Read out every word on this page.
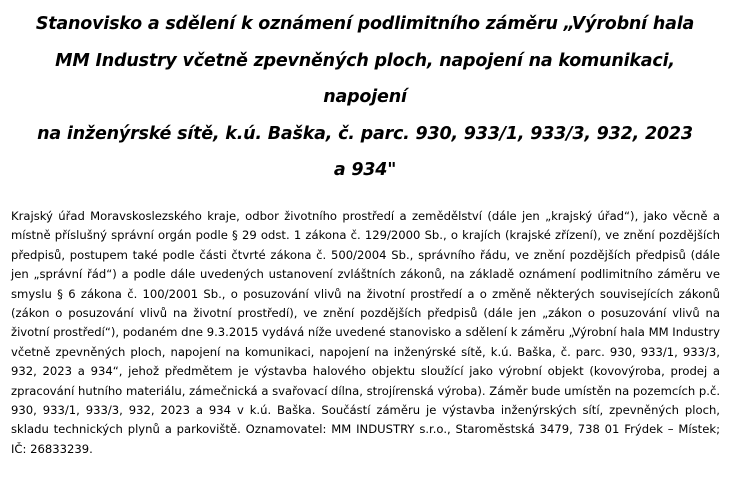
Stanovisko a sdělení k oznámení podlimitního záměru „Výrobní hala
MM Industry včetně zpevněných ploch, napojení na komunikaci,
napojení
na inženýrské sítě, k.ú. Baška, č. parc. 930, 933/1, 933/3, 932, 2023
a 934"

Krajský úřad Moravskoslezského kraje, odbor životního prostředí a zemědělství (dále jen „krajský úřad“), jako věcně a místně příslušný správní orgán podle § 29 odst. 1 zákona č. 129/2000 Sb., o krajích (krajské zřízení), ve znění pozdějších předpisů, postupem také podle části čtvrté zákona č. 500/2004 Sb., správního řádu, ve znění pozdějších předpisů (dále jen „správní řád“) a podle dále uvedených ustanovení zvláštních zákonů, na základě oznámení podlimitního záměru ve smyslu § 6 zákona č. 100/2001 Sb., o posuzování vlivů na životní prostředí a o změně některých souvisejících zákonů (zákon o posuzování vlivů na životní prostředí), ve znění pozdějších předpisů (dále jen „zákon o posuzování vlivů na životní prostředí“), podaném dne 9.3.2015 vydává níže uvedené stanovisko a sdělení k záměru „Výrobní hala MM Industry včetně zpevněných ploch, napojení na komunikaci, napojení na inženýrské sítě, k.ú. Baška, č. parc. 930, 933/1, 933/3, 932, 2023 a 934“, jehož předmětem je výstavba halového objektu sloužící jako výrobní objekt (kovovýroba, prodej a zpracování hutního materiálu, zámečnická a svařovací dílna, strojírenská výroba). Záměr bude umístěn na pozemcích p.č. 930, 933/1, 933/3, 932, 2023 a 934 v k.ú. Baška. Součástí záměru je výstavba inženýrských sítí, zpevněných ploch, skladu technických plynů a parkoviště. Oznamovatel: MM INDUSTRY s.r.o., Staroměstská 3479, 738 01 Frýdek – Místek; IČ: 26833239.
